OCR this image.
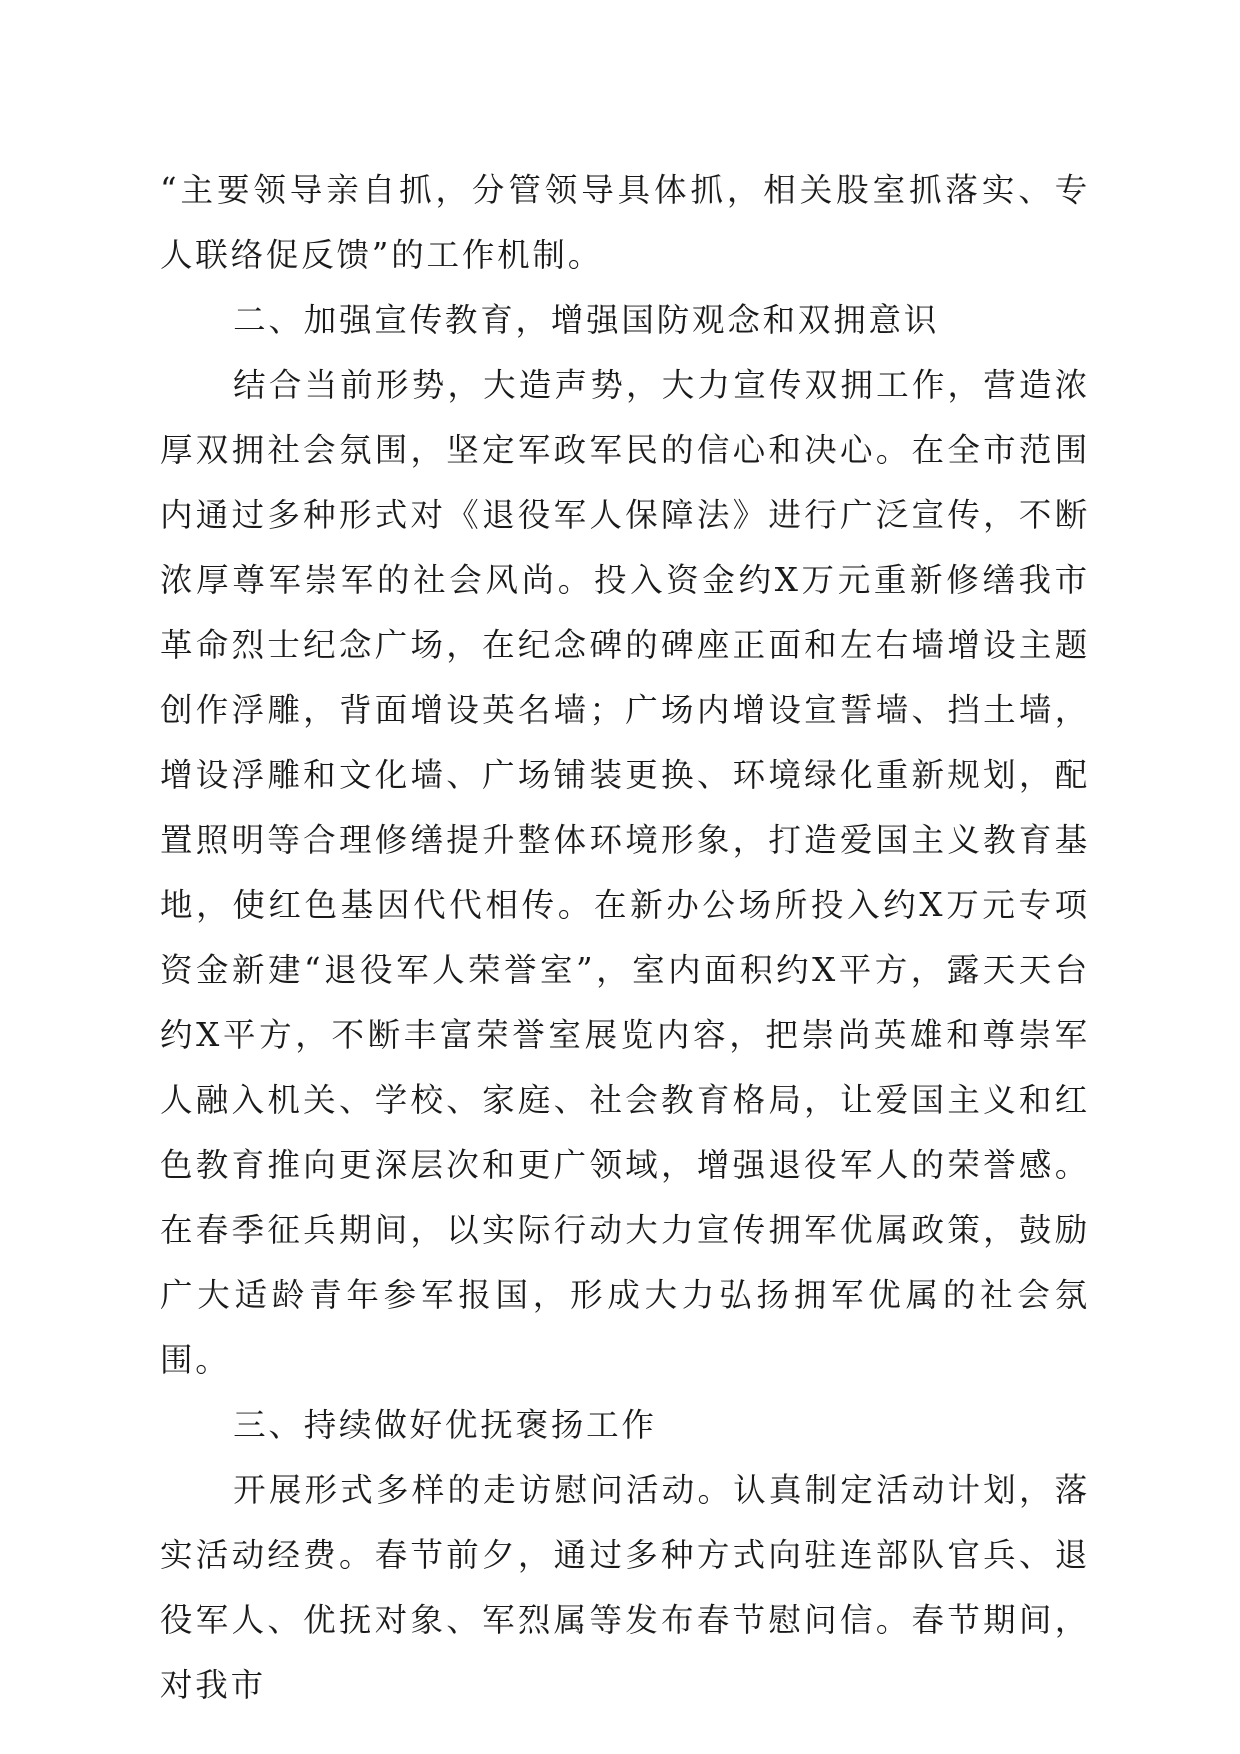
“主要领导亲自抓，分管领导具体抓，相关股室抓落实、专人联络促反馈”的工作机制。

二、加强宣传教育，增强国防观念和双拥意识

结合当前形势，大造声势，大力宣传双拥工作，营造浓厚双拥社会氛围，坚定军政军民的信心和决心。在全市范围内通过多种形式对《退役军人保障法》进行广泛宣传，不断浓厚尊军崇军的社会风尚。投入资金约X万元重新修缮我市革命烈士纪念广场，在纪念碑的碑座正面和左右墙增设主题创作浮雕，背面增设英名墙；广场内增设宣誓墙、挡土墙，增设浮雕和文化墙、广场铺装更换、环境绿化重新规划，配置照明等合理修缮提升整体环境形象，打造爱国主义教育基地，使红色基因代代相传。在新办公场所投入约X万元专项资金新建“退役军人荣誉室”，室内面积约X平方，露天天台约X平方，不断丰富荣誉室展览内容，把崇尚英雄和尊崇军人融入机关、学校、家庭、社会教育格局，让爱国主义和红色教育推向更深层次和更广领域，增强退役军人的荣誉感。在春季征兵期间，以实际行动大力宣传拥军优属政策，鼓励广大适龄青年参军报国，形成大力弘扬拥军优属的社会氛围。

三、持续做好优抚褒扬工作

开展形式多样的走访慰问活动。认真制定活动计划，落实活动经费。春节前夕，通过多种方式向驻连部队官兵、退役军人、优抚对象、军烈属等发布春节慰问信。春节期间，对我市
